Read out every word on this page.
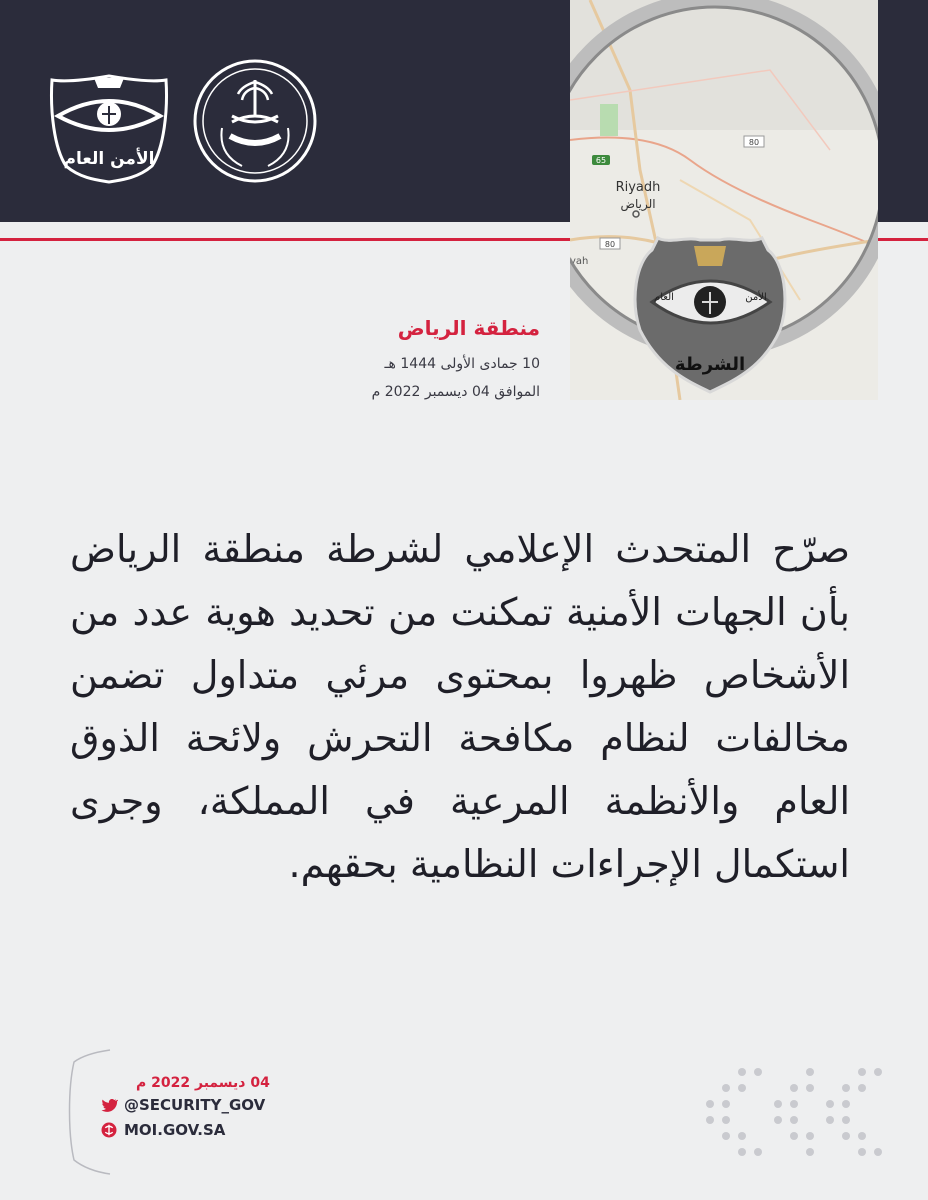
الأمن العام	65
80
80
Riyadh
الرياض
yah
الأمن
العام
الشرطة
منطقة الرياض
10 جمادى الأولى 1444 هـ
الموافق 04 ديسمبر 2022 م
صرّح المتحدث الإعلامي لشرطة منطقة الرياض بأن الجهات الأمنية تمكنت من تحديد هوية عدد من الأشخاص ظهروا بمحتوى مرئي متداول تضمن مخالفات لنظام مكافحة التحرش ولائحة الذوق العام والأنظمة المرعية في المملكة، وجرى استكمال الإجراءات النظامية بحقهم.
04 ديسمبر 2022 م
@SECURITY_GOV
MOI.GOV.SA
